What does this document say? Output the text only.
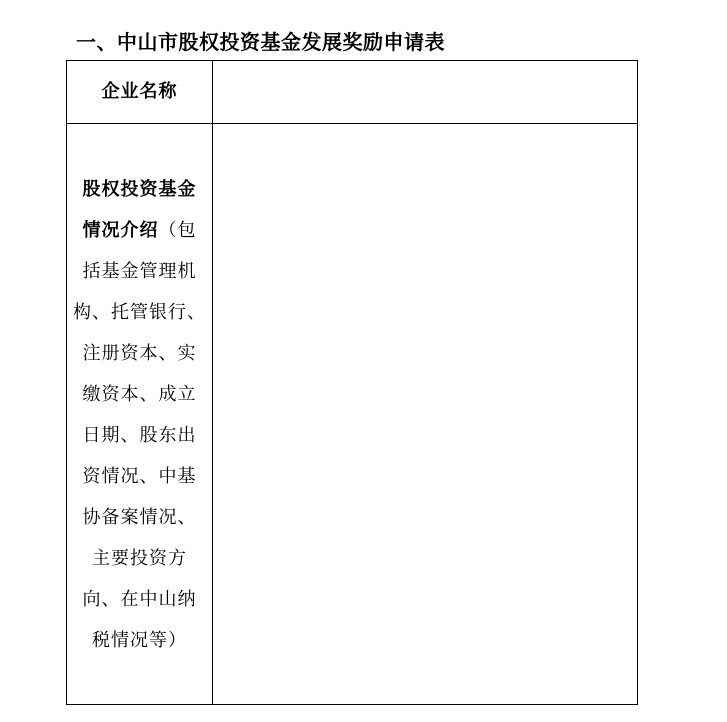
一、中山市股权投资基金发展奖励申请表
企业名称
股权投资基金
情况介绍（包
括基金管理机
构、托管银行、
注册资本、实
缴资本、成立
日期、股东出
资情况、中基
协备案情况、
主要投资方
向、在中山纳
税情况等）
